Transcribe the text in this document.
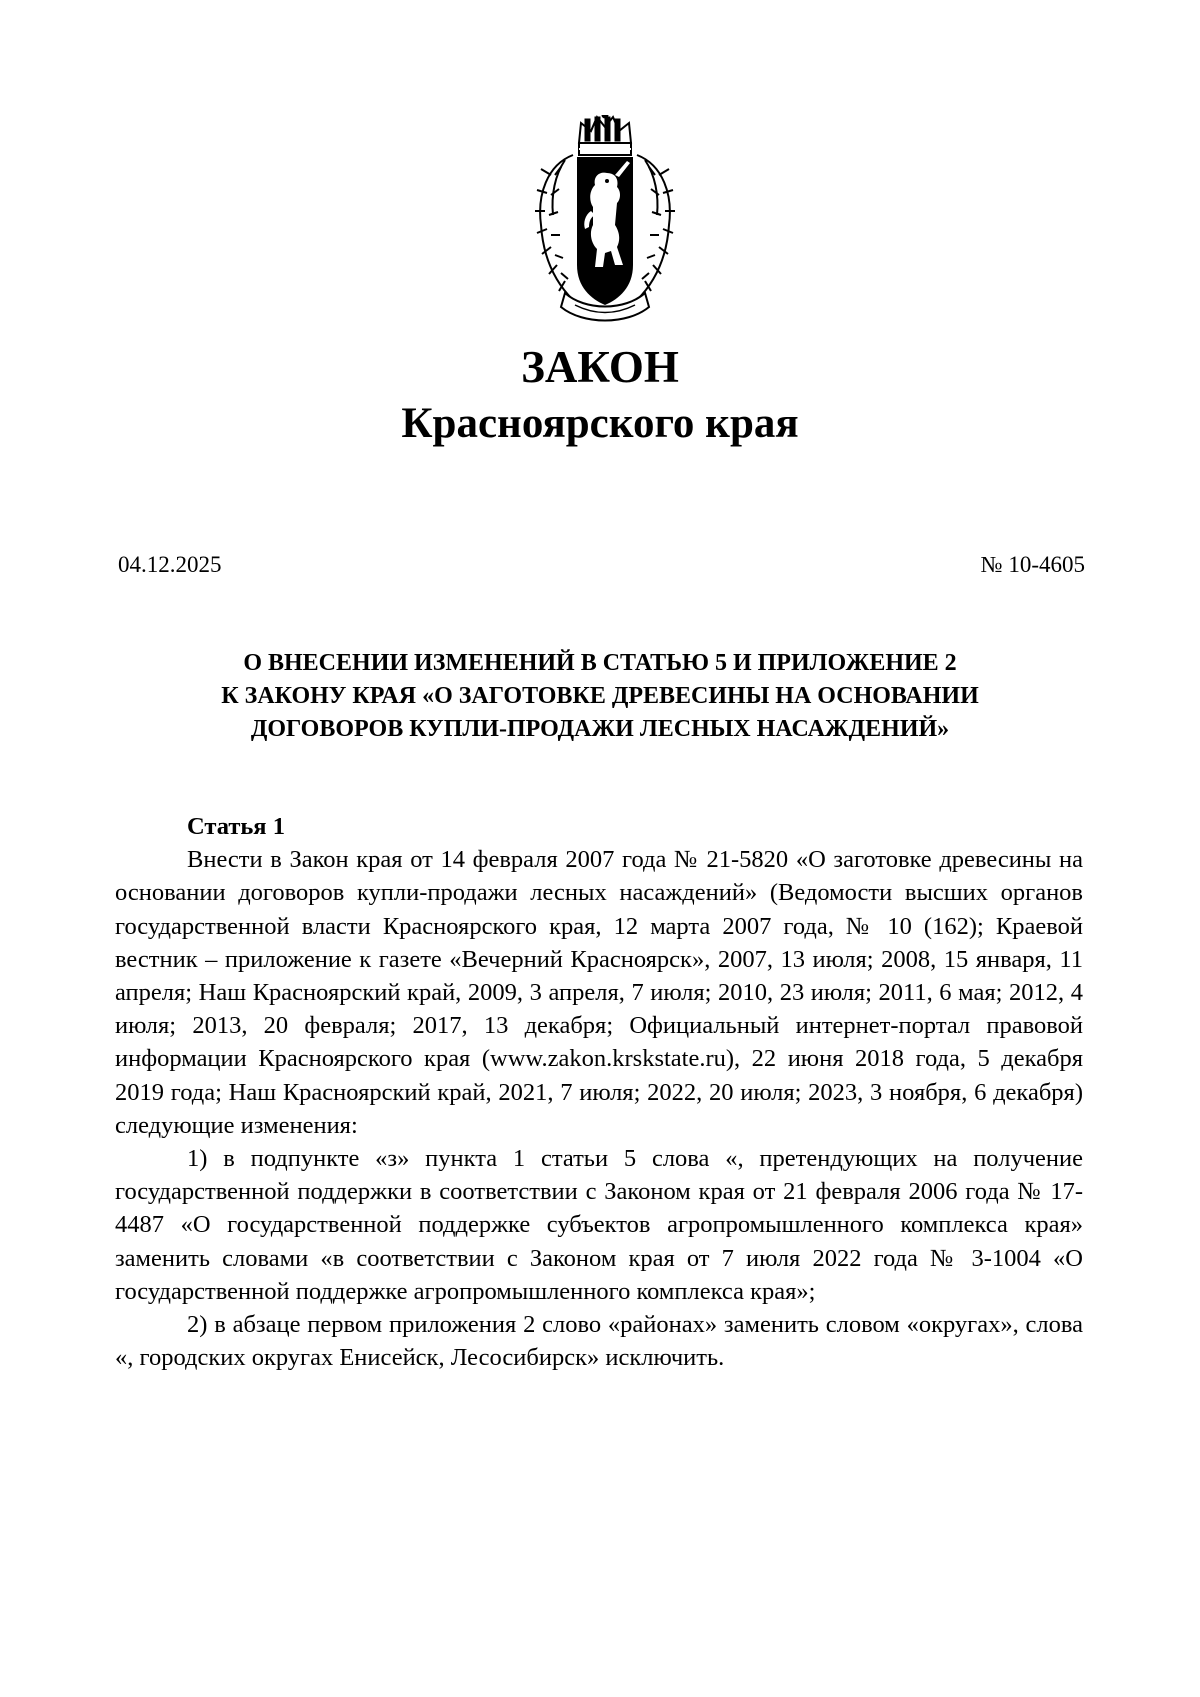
ЗАКОН
Красноярского края
04.12.2025	№ 10-4605
О ВНЕСЕНИИ ИЗМЕНЕНИЙ В СТАТЬЮ 5 И ПРИЛОЖЕНИЕ 2
К ЗАКОНУ КРАЯ «О ЗАГОТОВКЕ ДРЕВЕСИНЫ НА ОСНОВАНИИ
ДОГОВОРОВ КУПЛИ-ПРОДАЖИ ЛЕСНЫХ НАСАЖДЕНИЙ»
Статья 1

Внести в Закон края от 14 февраля 2007 года № 21-5820 «О заготовке древесины на основании договоров купли-продажи лесных насаждений» (Ведомости высших органов государственной власти Красноярского края, 12 марта 2007 года, № 10 (162); Краевой вестник – приложение к газете «Вечерний Красноярск», 2007, 13 июля; 2008, 15 января, 11 апреля; Наш Красноярский край, 2009, 3 апреля, 7 июля; 2010, 23 июля; 2011, 6 мая; 2012, 4 июля; 2013, 20 февраля; 2017, 13 декабря; Официальный интернет-портал правовой информации Красноярского края (www.zakon.krskstate.ru), 22 июня 2018 года, 5 декабря 2019 года; Наш Красноярский край, 2021, 7 июля; 2022, 20 июля; 2023, 3 ноября, 6 декабря) следующие изменения:

1) в подпункте «з» пункта 1 статьи 5 слова «, претендующих на получение государственной поддержки в соответствии с Законом края от 21 февраля 2006 года № 17-4487 «О государственной поддержке субъектов агропромышленного комплекса края» заменить словами «в соответствии с Законом края от 7 июля 2022 года № 3-1004 «О государственной поддержке агропромышленного комплекса края»;

2) в абзаце первом приложения 2 слово «районах» заменить словом «округах», слова «, городских округах Енисейск, Лесосибирск» исключить.
